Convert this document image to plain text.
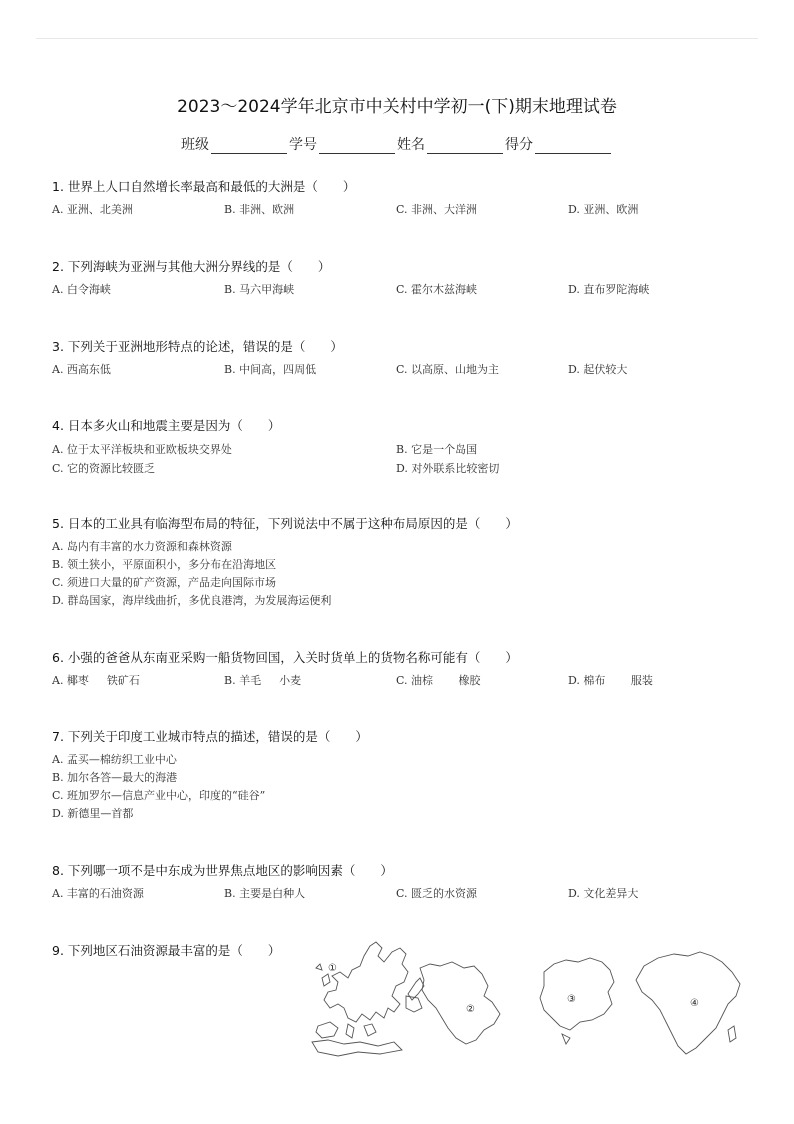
2023～2024学年北京市中关村中学初一(下)期末地理试卷
班级	学号	姓名	得分
1. 世界上人口自然增长率最高和最低的大洲是（　　）
A. 亚洲、北美洲	B. 非洲、欧洲	C. 非洲、大洋洲	D. 亚洲、欧洲
2. 下列海峡为亚洲与其他大洲分界线的是（　　）
A. 白令海峡	B. 马六甲海峡	C. 霍尔木兹海峡	D. 直布罗陀海峡
3. 下列关于亚洲地形特点的论述，错误的是（　　）
A. 西高东低	B. 中间高，四周低	C. 以高原、山地为主	D. 起伏较大
4. 日本多火山和地震主要是因为（　　）
A. 位于太平洋板块和亚欧板块交界处	B. 它是一个岛国
C. 它的资源比较匮乏	D. 对外联系比较密切
5. 日本的工业具有临海型布局的特征，下列说法中不属于这种布局原因的是（　　）
A. 岛内有丰富的水力资源和森林资源
B. 领土狭小，平原面积小，多分布在沿海地区
C. 须进口大量的矿产资源，产品走向国际市场
D. 群岛国家，海岸线曲折，多优良港湾，为发展海运便利
6. 小强的爸爸从东南亚采购一船货物回国，入关时货单上的货物名称可能有（　　）
A. 椰枣　  铁矿石	B. 羊毛　  小麦	C. 油棕　　 橡胶	D. 棉布　　 服装
7. 下列关于印度工业城市特点的描述，错误的是（　　）
A. 孟买—棉纺织工业中心
B. 加尔各答—最大的海港
C. 班加罗尔—信息产业中心，印度的“硅谷”
D. 新德里—首都
8. 下列哪一项不是中东成为世界焦点地区的影响因素（　　）
A. 丰富的石油资源	B. 主要是白种人	C. 匮乏的水资源	D. 文化差异大
9. 下列地区石油资源最丰富的是（　　）
①
②
③	④
